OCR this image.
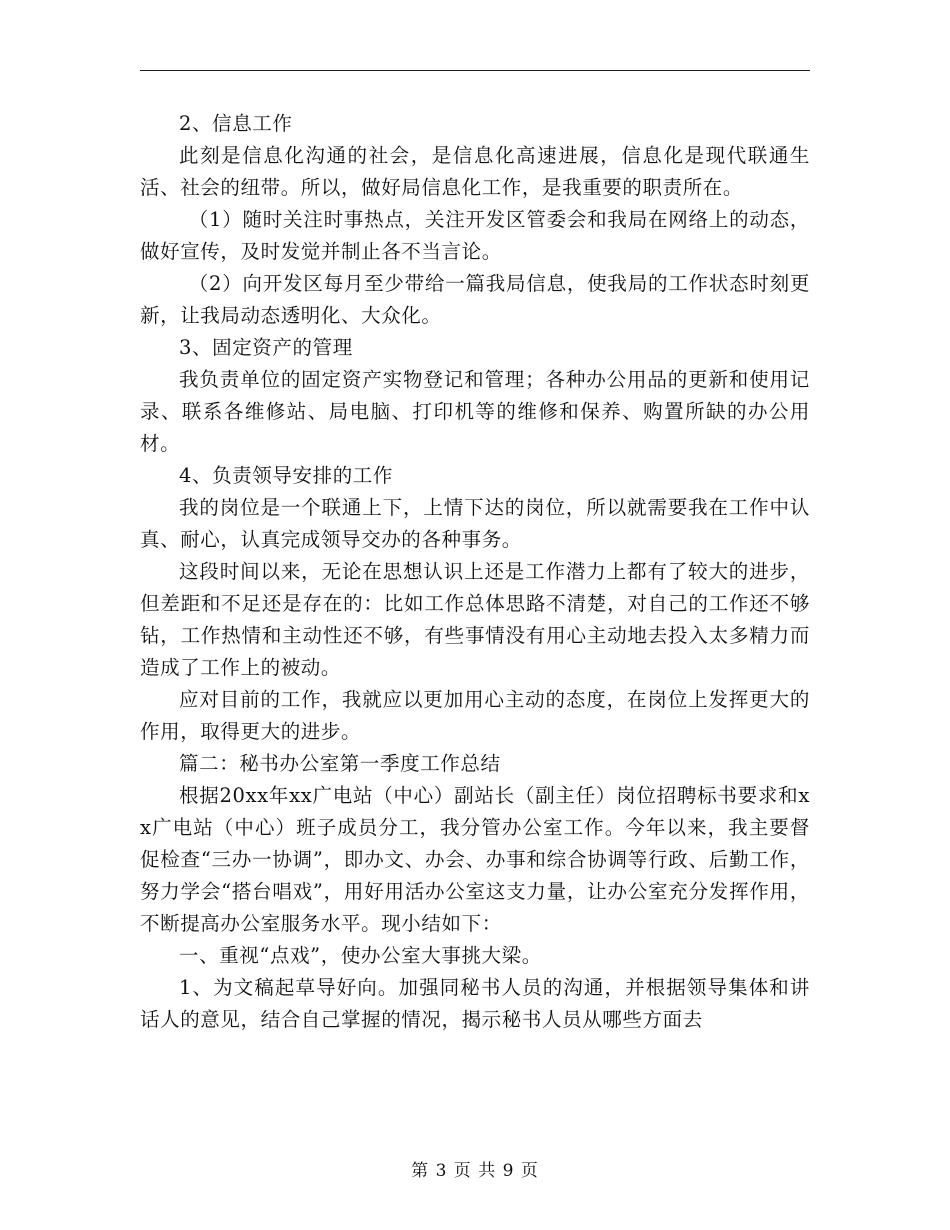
2、信息工作

此刻是信息化沟通的社会，是信息化高速进展，信息化是现代联通生活、社会的纽带。所以，做好局信息化工作，是我重要的职责所在。

（1）随时关注时事热点，关注开发区管委会和我局在网络上的动态，做好宣传，及时发觉并制止各不当言论。

（2）向开发区每月至少带给一篇我局信息，使我局的工作状态时刻更新，让我局动态透明化、大众化。

3、固定资产的管理

我负责单位的固定资产实物登记和管理；各种办公用品的更新和使用记录、联系各维修站、局电脑、打印机等的维修和保养、购置所缺的办公用材。

4、负责领导安排的工作

我的岗位是一个联通上下，上情下达的岗位，所以就需要我在工作中认真、耐心，认真完成领导交办的各种事务。

这段时间以来，无论在思想认识上还是工作潜力上都有了较大的进步，但差距和不足还是存在的：比如工作总体思路不清楚，对自己的工作还不够钻，工作热情和主动性还不够，有些事情没有用心主动地去投入太多精力而造成了工作上的被动。

应对目前的工作，我就应以更加用心主动的态度，在岗位上发挥更大的作用，取得更大的进步。

篇二：秘书办公室第一季度工作总结

根据20xx年xx广电站（中心）副站长（副主任）岗位招聘标书要求和xx广电站（中心）班子成员分工，我分管办公室工作。今年以来，我主要督促检查“三办一协调”，即办文、办会、办事和综合协调等行政、后勤工作，努力学会“搭台唱戏”，用好用活办公室这支力量，让办公室充分发挥作用，不断提高办公室服务水平。现小结如下：

一、重视“点戏”，使办公室大事挑大梁。

1、为文稿起草导好向。加强同秘书人员的沟通，并根据领导集体和讲话人的意见，结合自己掌握的情况，揭示秘书人员从哪些方面去

第 3 页 共 9 页
